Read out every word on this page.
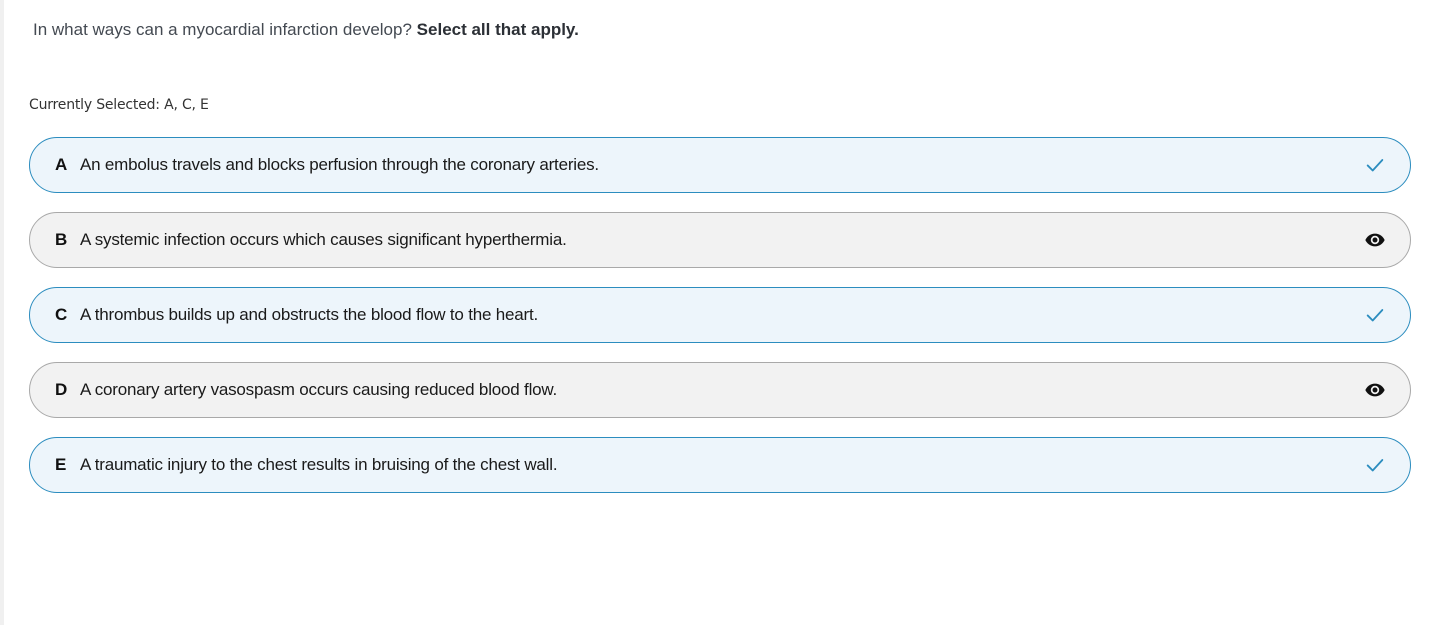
In what ways can a myocardial infarction develop? Select all that apply.
Currently Selected: A, C, E
A An embolus travels and blocks perfusion through the coronary arteries.
B A systemic infection occurs which causes significant hyperthermia.
C A thrombus builds up and obstructs the blood flow to the heart.
D A coronary artery vasospasm occurs causing reduced blood flow.
E A traumatic injury to the chest results in bruising of the chest wall.
